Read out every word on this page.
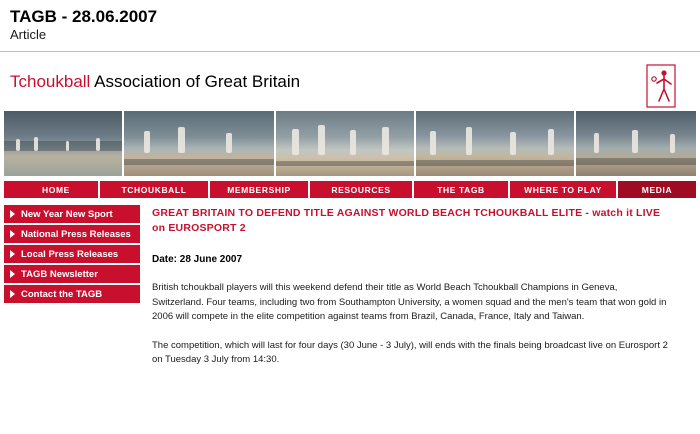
TAGB - 28.06.2007
Article
Tchoukball Association of Great Britain
HOME	TCHOUKBALL	MEMBERSHIP	RESOURCES	THE TAGB	WHERE TO PLAY	MEDIA
New Year New Sport
National Press Releases
Local Press Releases
TAGB Newsletter
Contact the TAGB
GREAT BRITAIN TO DEFEND TITLE AGAINST WORLD BEACH TCHOUKBALL ELITE - watch it LIVE on EUROSPORT 2
Date: 28 June 2007

British tchoukball players will this weekend defend their title as World Beach Tchoukball Champions in Geneva, Switzerland. Four teams, including two from Southampton University, a women squad and the men's team that won gold in 2006 will compete in the elite competition against teams from Brazil, Canada, France, Italy and Taiwan.

The competition, which will last for four days (30 June - 3 July), will ends with the finals being broadcast live on Eurosport 2 on Tuesday 3 July from 14:30.
